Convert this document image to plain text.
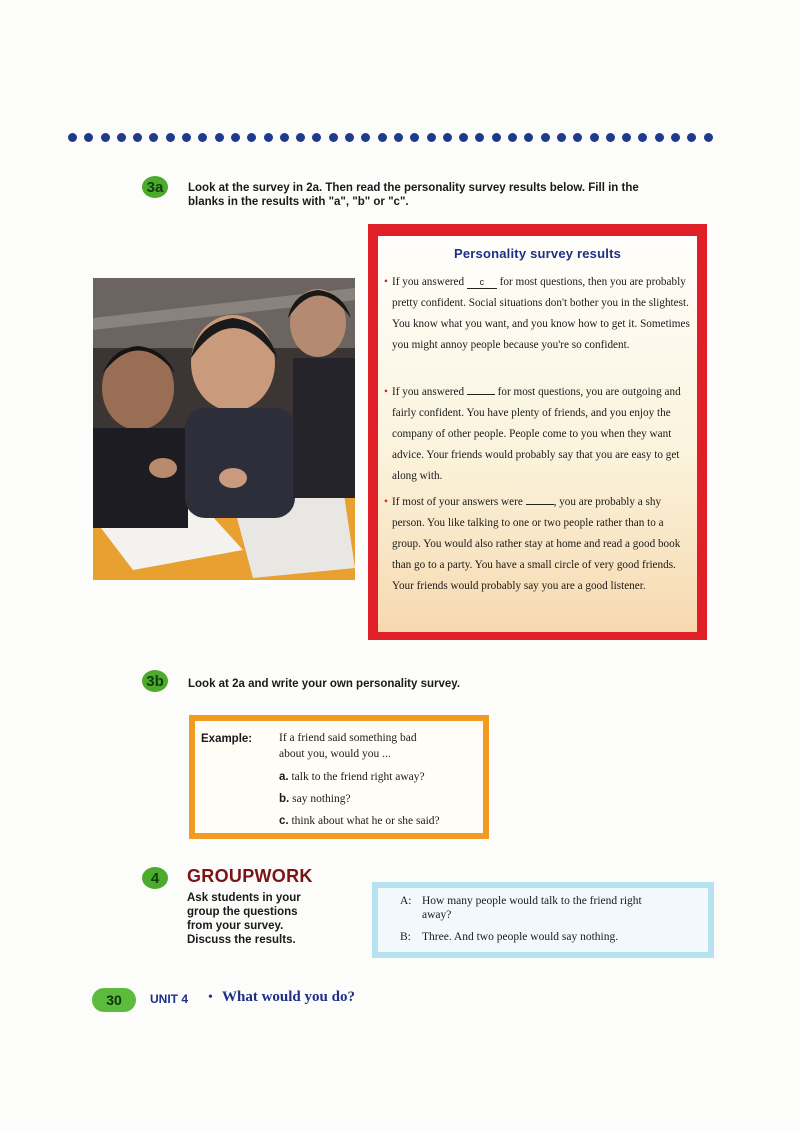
3a Look at the survey in 2a. Then read the personality survey results below. Fill in the blanks in the results with "a", "b" or "c".
Personality survey results
• If you answered c for most questions, then you are probably pretty confident. Social situations don't bother you in the slightest. You know what you want, and you know how to get it. Sometimes you might annoy people because you're so confident.
• If you answered	for most questions, you are outgoing and fairly confident. You have plenty of friends, and you enjoy the company of other people. People come to you when they want advice. Your friends would probably say that you are easy to get along with.
• If most of your answers were	, you are probably a shy person. You like talking to one or two people rather than to a group. You would also rather stay at home and read a good book than go to a party. You have a small circle of very good friends. Your friends would probably say you are a good listener.
3b Look at 2a and write your own personality survey.
Example: If a friend said something bad
about you, would you ...
a. talk to the friend right away?
b. say nothing?
c. think about what he or she said?
4 GROUPWORK
Ask students in your
group the questions
from your survey.
Discuss the results.
A: How many people would talk to the friend right
away?
B: Three. And two people would say nothing.
30	UNIT 4 • What would you do?
